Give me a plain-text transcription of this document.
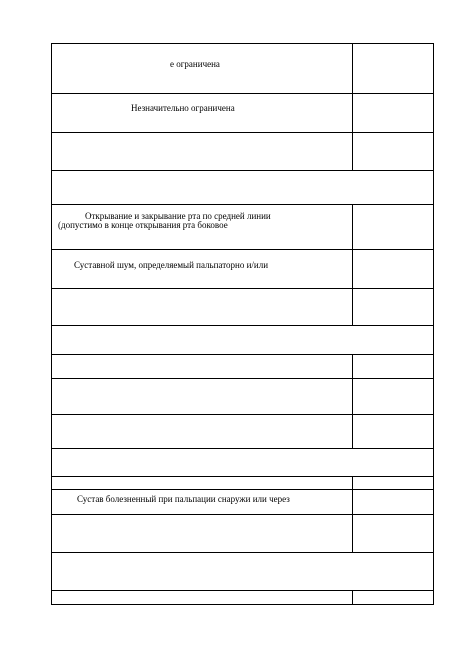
е ограничена
Незначительно ограничена
Открывание и закрывание рта по средней линии
(допустимо в конце открывания рта боковое
Суставной шум, определяемый пальпаторно и/или
Сустав болезненный при пальпации снаружи или через
